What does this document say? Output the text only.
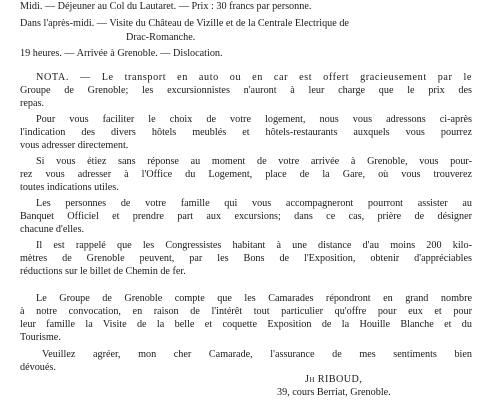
Midi. — Déjeuner au Col du Lautaret. — Prix : 30 francs par personne.
Dans l'après-midi. — Visite du Château de Vizille et de la Centrale Electrique de
Drac-Romanche.
19 heures. — Arrivée à Grenoble. — Dislocation.
NOTA. — Le transport en auto ou en car est offert gracieusement par le
Groupe de Grenoble; les excursionnistes n'auront à leur charge que le prix des
repas.
Pour vous faciliter le choix de votre logement, nous vous adressons ci-après
l'indication des divers hôtels meublés et hôtels-restaurants auxquels vous pourrez
vous adresser directement.
Si vous étiez sans réponse au moment de votre arrivée à Grenoble, vous pour-
rez vous adresser à l'Office du Logement, place de la Gare, où vous trouverez
toutes indications utiles.
Les personnes de votre famille qui vous accompagneront pourront assister au
Banquet Officiel et prendre part aux excursions; dans ce cas, prière de désigner
chacune d'elles.
Il est rappelé que les Congressistes habitant à une distance d'au moins 200 kilo-
mètres de Grenoble peuvent, par les Bons de l'Exposition, obtenir d'appréciables
réductions sur le billet de Chemin de fer.
Le Groupe de Grenoble compte que les Camarades répondront en grand nombre
à notre convocation, en raison de l'intérêt tout particulier qu'offre pour eux et pour
leur famille la Visite de la belle et coquette Exposition de la Houille Blanche et du
Tourisme.
Veuillez agréer, mon cher Camarade, l'assurance de mes sentiments bien
dévoués.
Jh RIBOUD,
39, cours Berriat, Grenoble.
